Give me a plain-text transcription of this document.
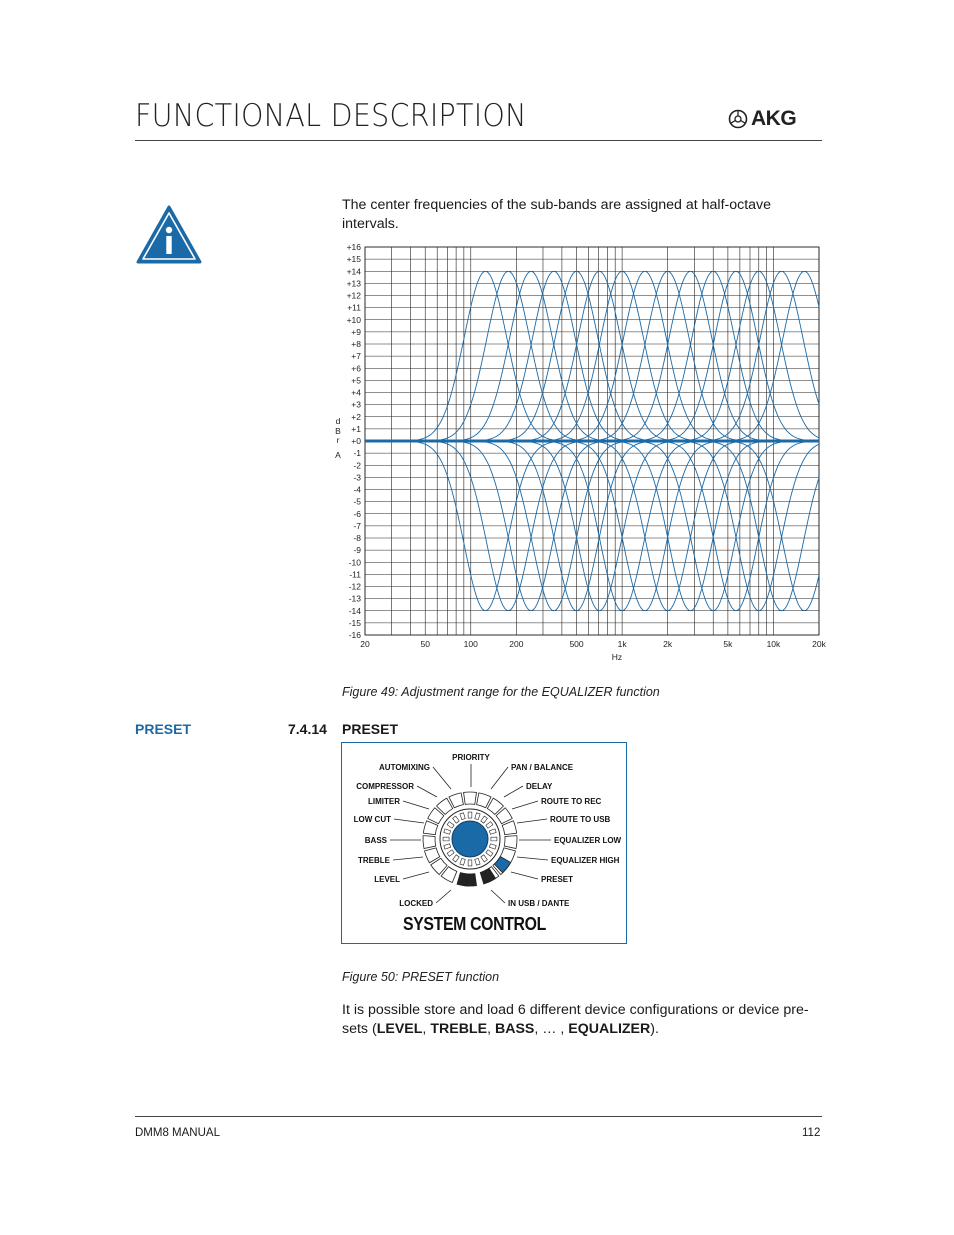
FUNCTIONAL DESCRIPTION	AKG
The center frequencies of the sub-bands are assigned at half-octave intervals.
+16
+15
+14
+13
+12
+11
+10
+9
+8
+7
+6
+5
+4
+3
+2
+1
+0
-1
-2
-3
-4
-5
-6
-7
-8
-9
-10
-11
-12
-13
-14
-15
-16
20	50	100	200	500	1k	2k	5k	10k	20k
Hz
d
B
r
A
Figure 49: Adjustment range for the EQUALIZER function
PRESET	7.4.14 PRESET
PRIORITY
AUTOMIXING	PAN / BALANCE
COMPRESSOR	DELAY
LIMITER	ROUTE TO REC
LOW CUT	ROUTE TO USB
BASS	EQUALIZER LOW
TREBLE	EQUALIZER HIGH
LEVEL	PRESET
LOCKED	IN USB / DANTE
SYSTEM CONTROL
Figure 50: PRESET function
It is possible store and load 6 different device configurations or device pre-sets (LEVEL, TREBLE, BASS, … , EQUALIZER).
DMM8 MANUAL	112
